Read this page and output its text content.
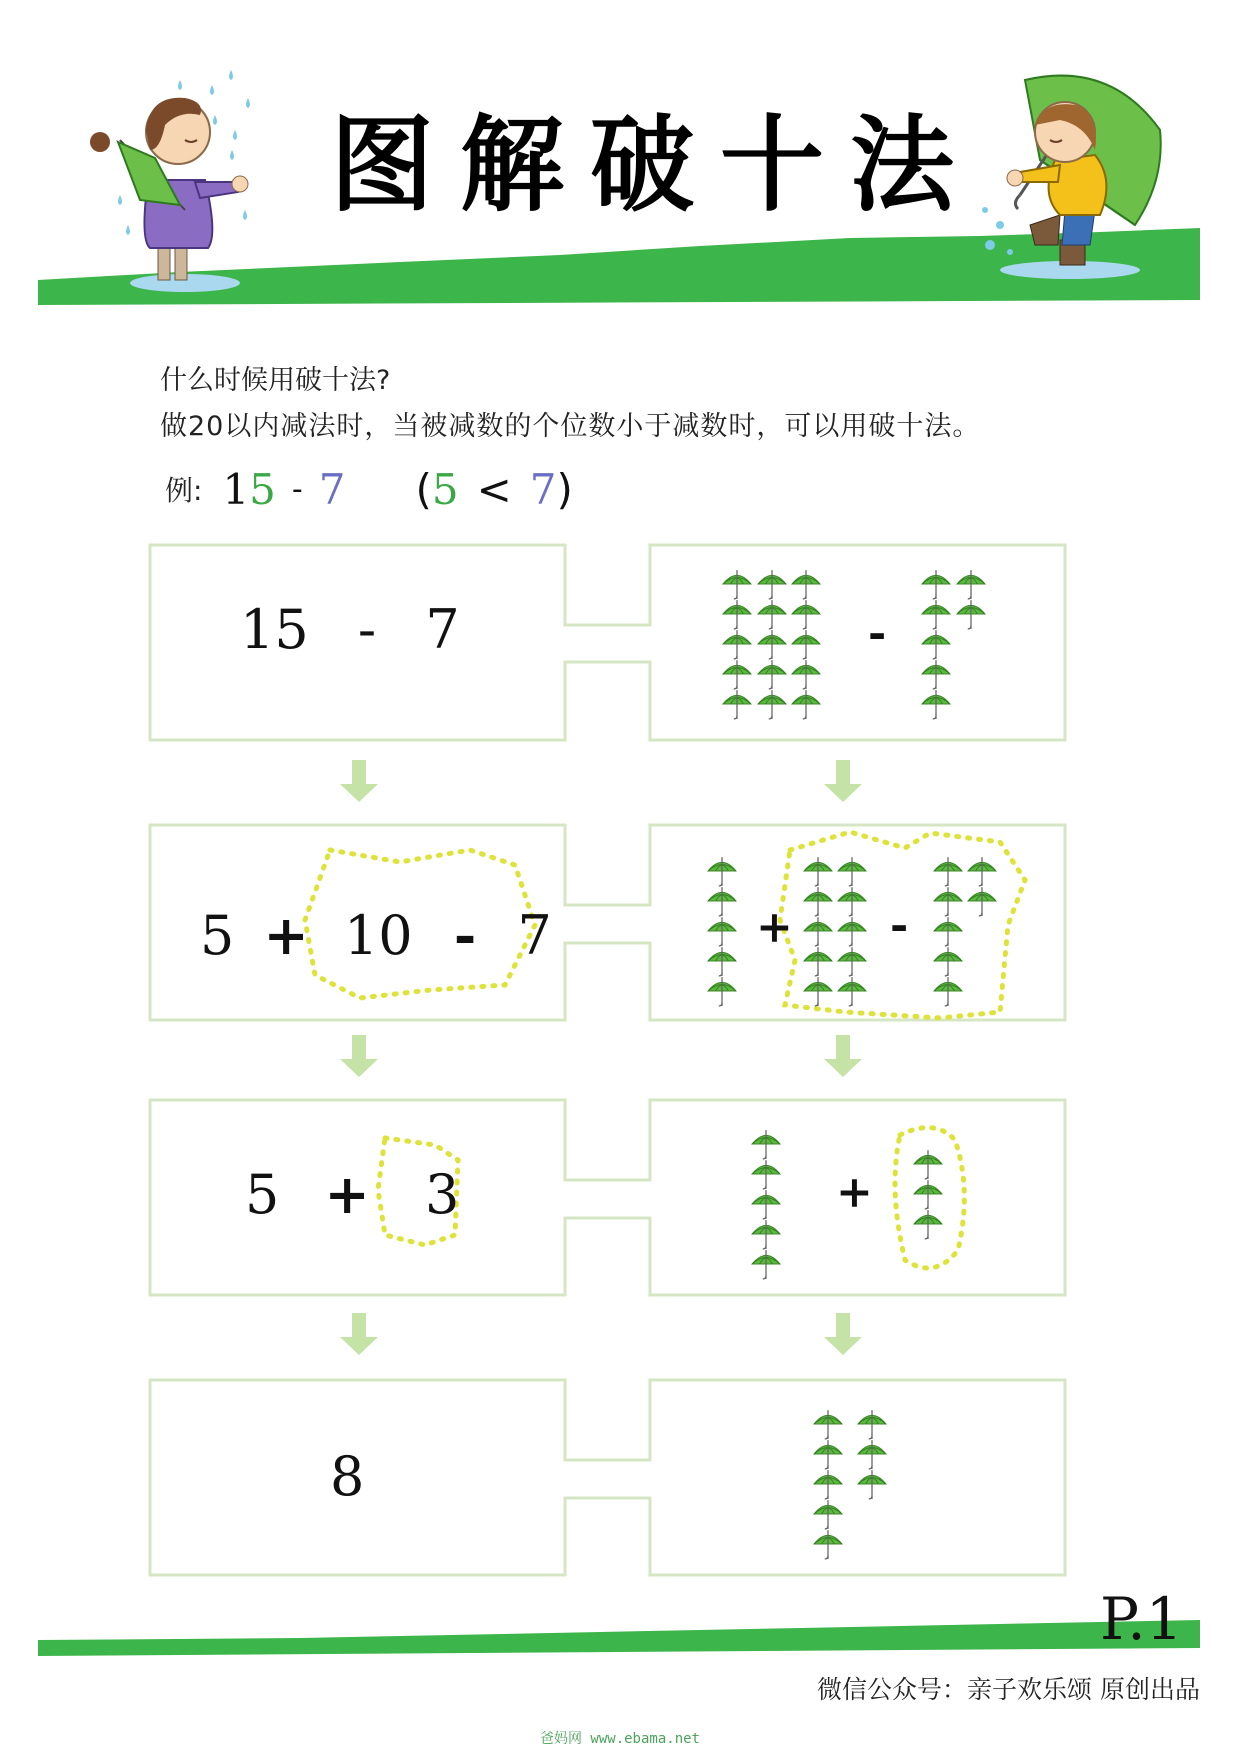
图解破十法
什么时候用破十法?
做20以内减法时，当被减数的个位数小于减数时，可以用破十法。
例: 1 5 - 7 ( 5 < 7 )
15 - 7	-
5 + 10 - 7	+ -
5 + 3	+
8
P.1
微信公众号：亲子欢乐颂 原创出品
爸妈网 www.ebama.net
